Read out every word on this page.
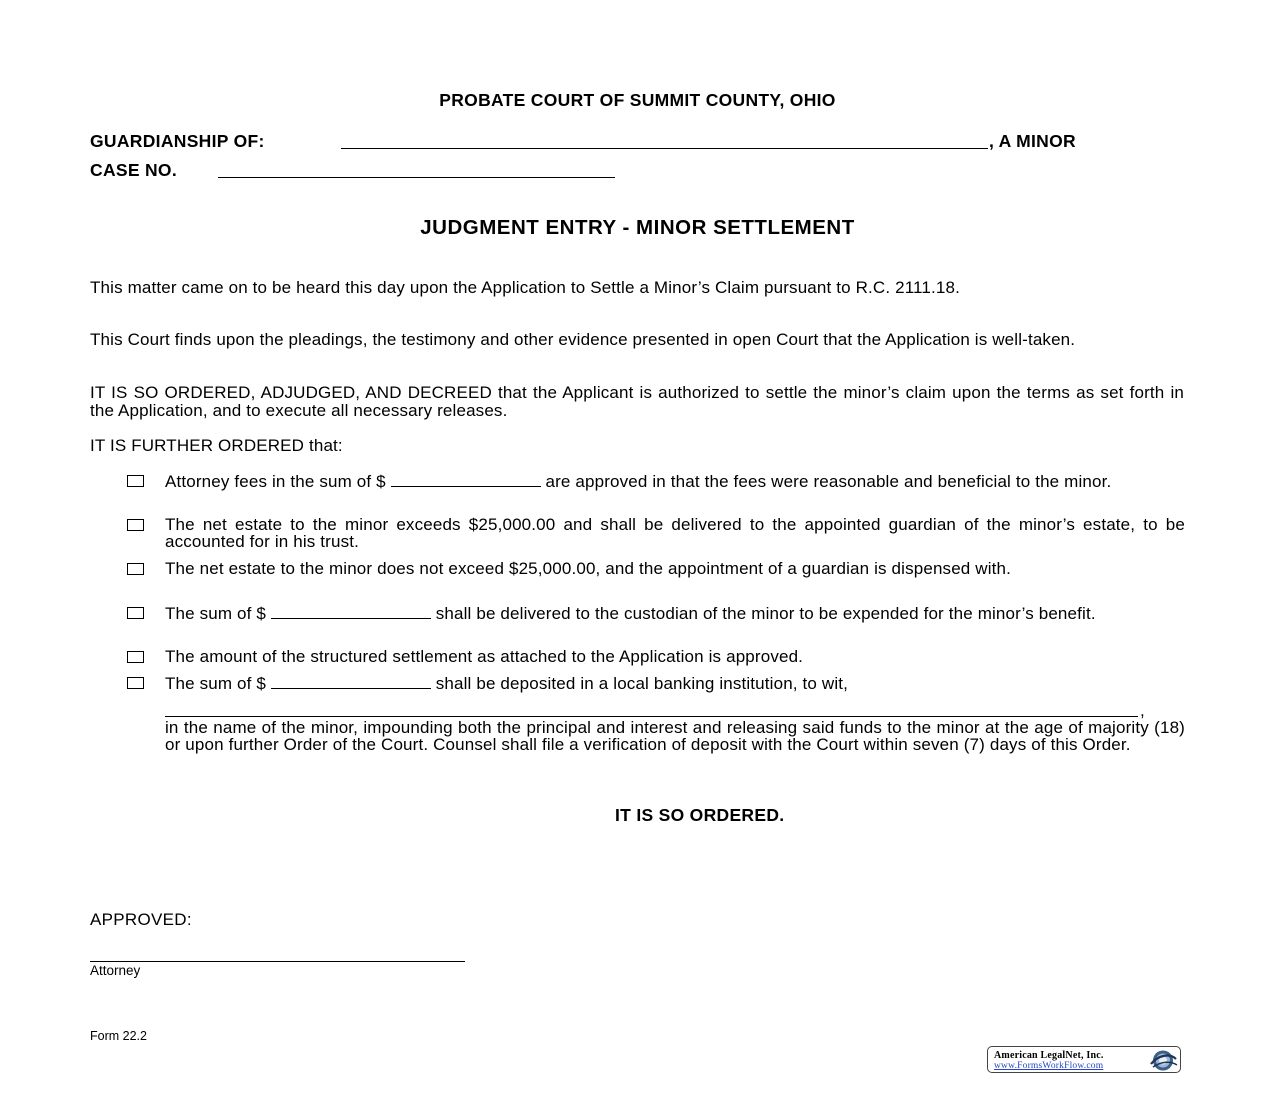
PROBATE COURT OF SUMMIT COUNTY, OHIO
GUARDIANSHIP OF:	, A MINOR
CASE NO.
JUDGMENT ENTRY - MINOR SETTLEMENT
This matter came on to be heard this day upon the Application to Settle a Minor’s Claim pursuant to R.C. 2111.18.
This Court finds upon the pleadings, the testimony and other evidence presented in open Court that the Application is well-taken.
IT IS SO ORDERED, ADJUDGED, AND DECREED that the Applicant is authorized to settle the minor’s claim upon the terms as set forth in the Application, and to execute all necessary releases.
IT IS FURTHER ORDERED that:
Attorney fees in the sum of $	are approved in that the fees were reasonable and beneficial to the minor.
The net estate to the minor exceeds $25,000.00 and shall be delivered to the appointed guardian of the minor’s estate, to be accounted for in his trust.
The net estate to the minor does not exceed $25,000.00, and the appointment of a guardian is dispensed with.
The sum of $	shall be delivered to the custodian of the minor to be expended for the minor’s benefit.
The amount of the structured settlement as attached to the Application is approved.
The sum of $	shall be deposited in a local banking institution, to wit,
,
in the name of the minor, impounding both the principal and interest and releasing said funds to the minor at the age of majority (18) or upon further Order of the Court. Counsel shall file a verification of deposit with the Court within seven (7) days of this Order.
IT IS SO ORDERED.
APPROVED:
Attorney
Form 22.2
American LegalNet, Inc.
www.FormsWorkFlow.com
